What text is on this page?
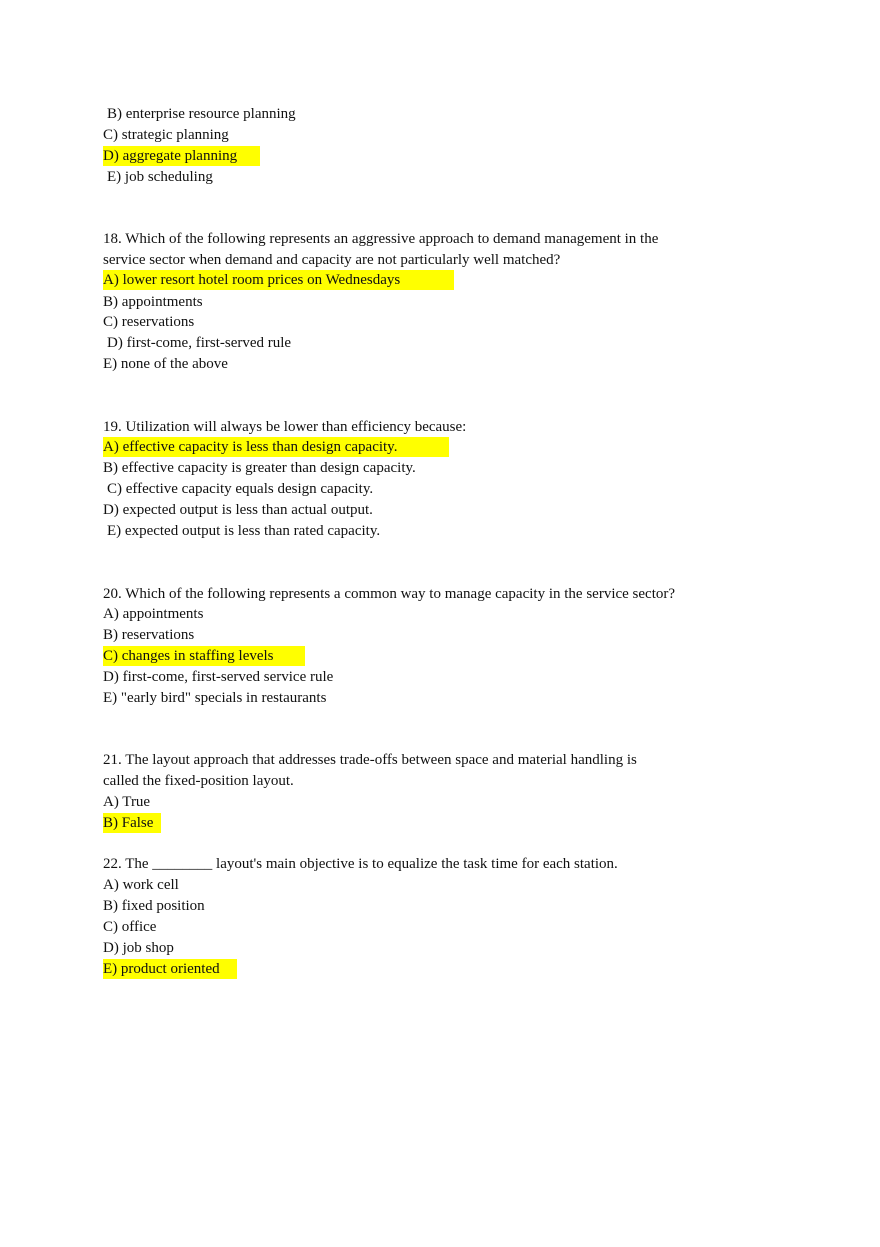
B) enterprise resource planning
C) strategic planning
D) aggregate planning
E) job scheduling
18. Which of the following represents an aggressive approach to demand management in the
service sector when demand and capacity are not particularly well matched?
A) lower resort hotel room prices on Wednesdays
B) appointments
C) reservations
D) first-come, first-served rule
E) none of the above
19. Utilization will always be lower than efficiency because:
A) effective capacity is less than design capacity.
B) effective capacity is greater than design capacity.
C) effective capacity equals design capacity.
D) expected output is less than actual output.
E) expected output is less than rated capacity.
20. Which of the following represents a common way to manage capacity in the service sector?
A) appointments
B) reservations
C) changes in staffing levels
D) first-come, first-served service rule
E) "early bird" specials in restaurants
21. The layout approach that addresses trade-offs between space and material handling is
called the fixed-position layout.
A) True
B) False
22. The ________ layout's main objective is to equalize the task time for each station.
A) work cell
B) fixed position
C) office
D) job shop
E) product oriented
